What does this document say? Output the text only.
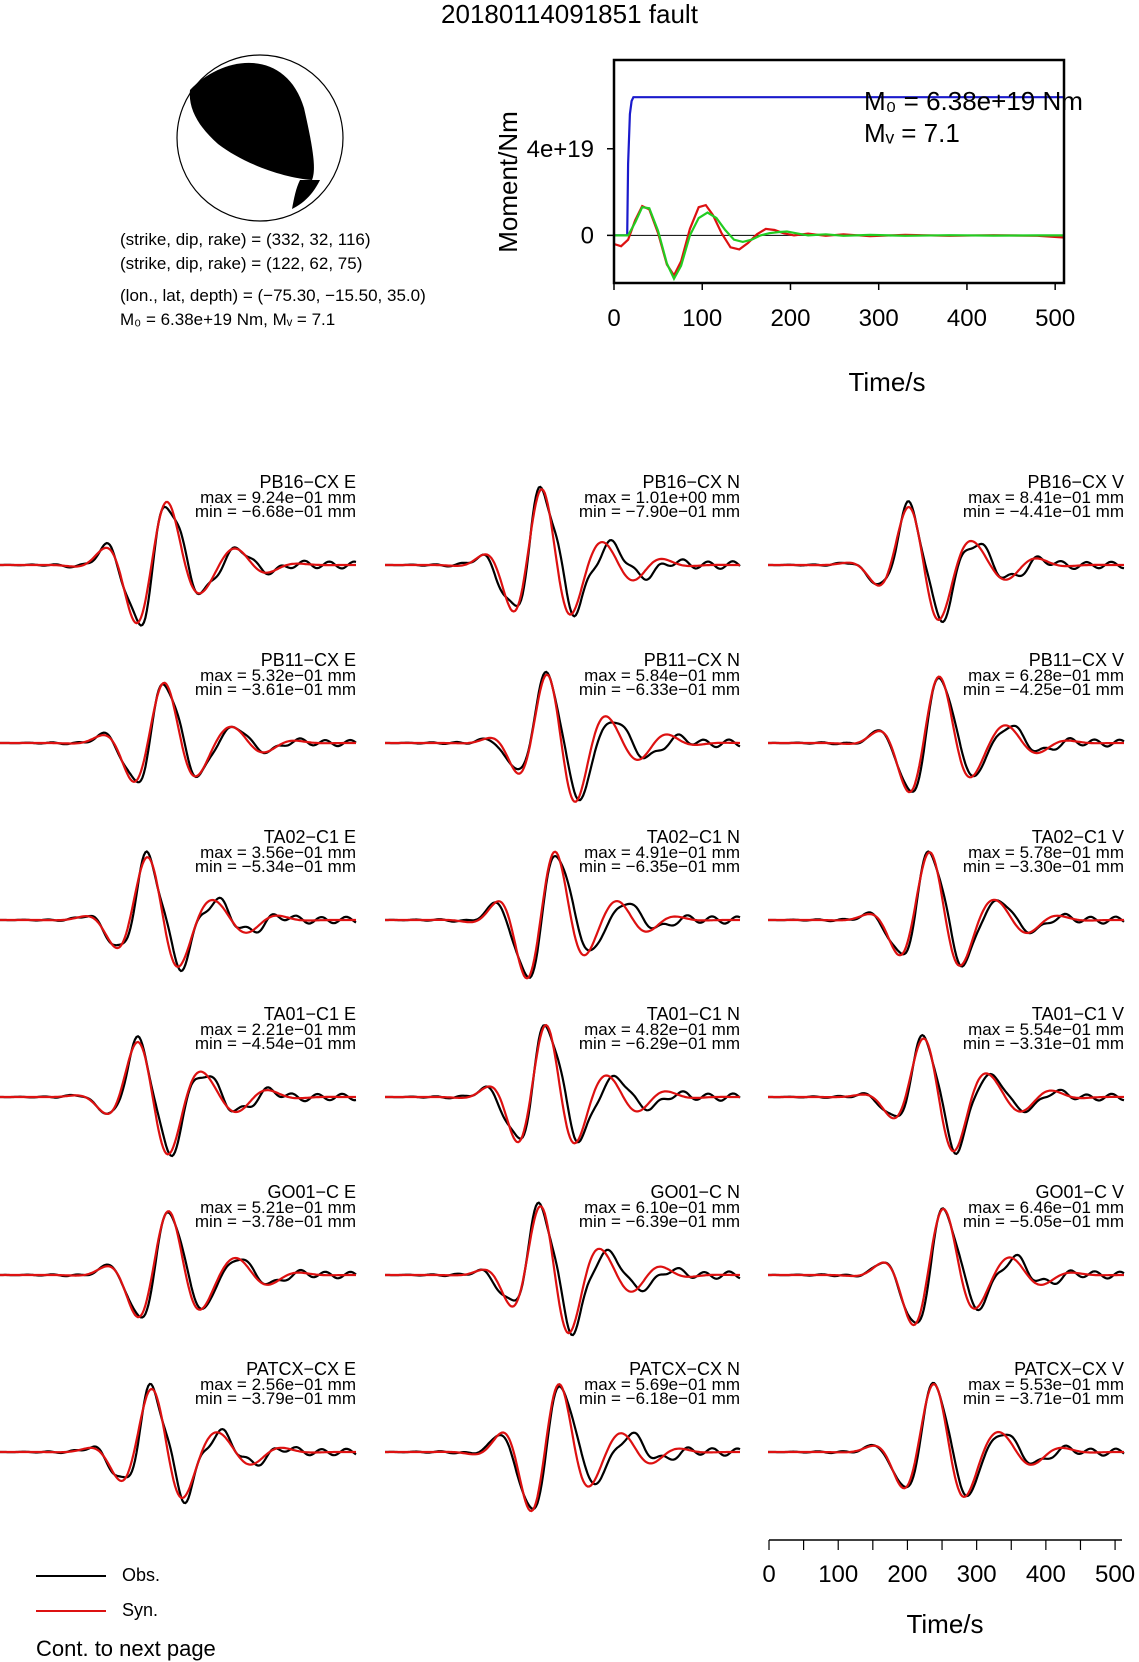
20180114091851 fault
(strike, dip, rake) = (332, 32, 116)
(strike, dip, rake) = (122, 62, 75)
(lon., lat, depth) = (−75.30, −15.50, 35.0)
M₀ = 6.38e+19 Nm, Mᵥ = 7.1	0	100 200 300 400 500
0
4e+19
Time/s
Moment/Nm
M₀ = 6.38e+19 Nm
Mᵥ = 7.1
PB16−CX E
max = 9.24e−01 mm
min = −6.68e−01 mm
PB16−CX N
max = 1.01e+00 mm
min = −7.90e−01 mm
PB16−CX V
max = 8.41e−01 mm
min = −4.41e−01 mm
PB11−CX E
max = 5.32e−01 mm
min = −3.61e−01 mm
PB11−CX N
max = 5.84e−01 mm
min = −6.33e−01 mm
PB11−CX V
max = 6.28e−01 mm
min = −4.25e−01 mm
TA02−C1 E
max = 3.56e−01 mm
min = −5.34e−01 mm
TA02−C1 N
max = 4.91e−01 mm
min = −6.35e−01 mm
TA02−C1 V
max = 5.78e−01 mm
min = −3.30e−01 mm
TA01−C1 E
max = 2.21e−01 mm
min = −4.54e−01 mm
TA01−C1 N
max = 4.82e−01 mm
min = −6.29e−01 mm
TA01−C1 V
max = 5.54e−01 mm
min = −3.31e−01 mm
GO01−C E
max = 5.21e−01 mm
min = −3.78e−01 mm
GO01−C N
max = 6.10e−01 mm
min = −6.39e−01 mm
GO01−C V
max = 6.46e−01 mm
min = −5.05e−01 mm
PATCX−CX E
max = 2.56e−01 mm
min = −3.79e−01 mm
PATCX−CX N
max = 5.69e−01 mm
min = −6.18e−01 mm
PATCX−CX V
max = 5.53e−01 mm
min = −3.71e−01 mm
0 100 200 300 400 500
Time/s
Obs.
Syn.
Cont. to next page
